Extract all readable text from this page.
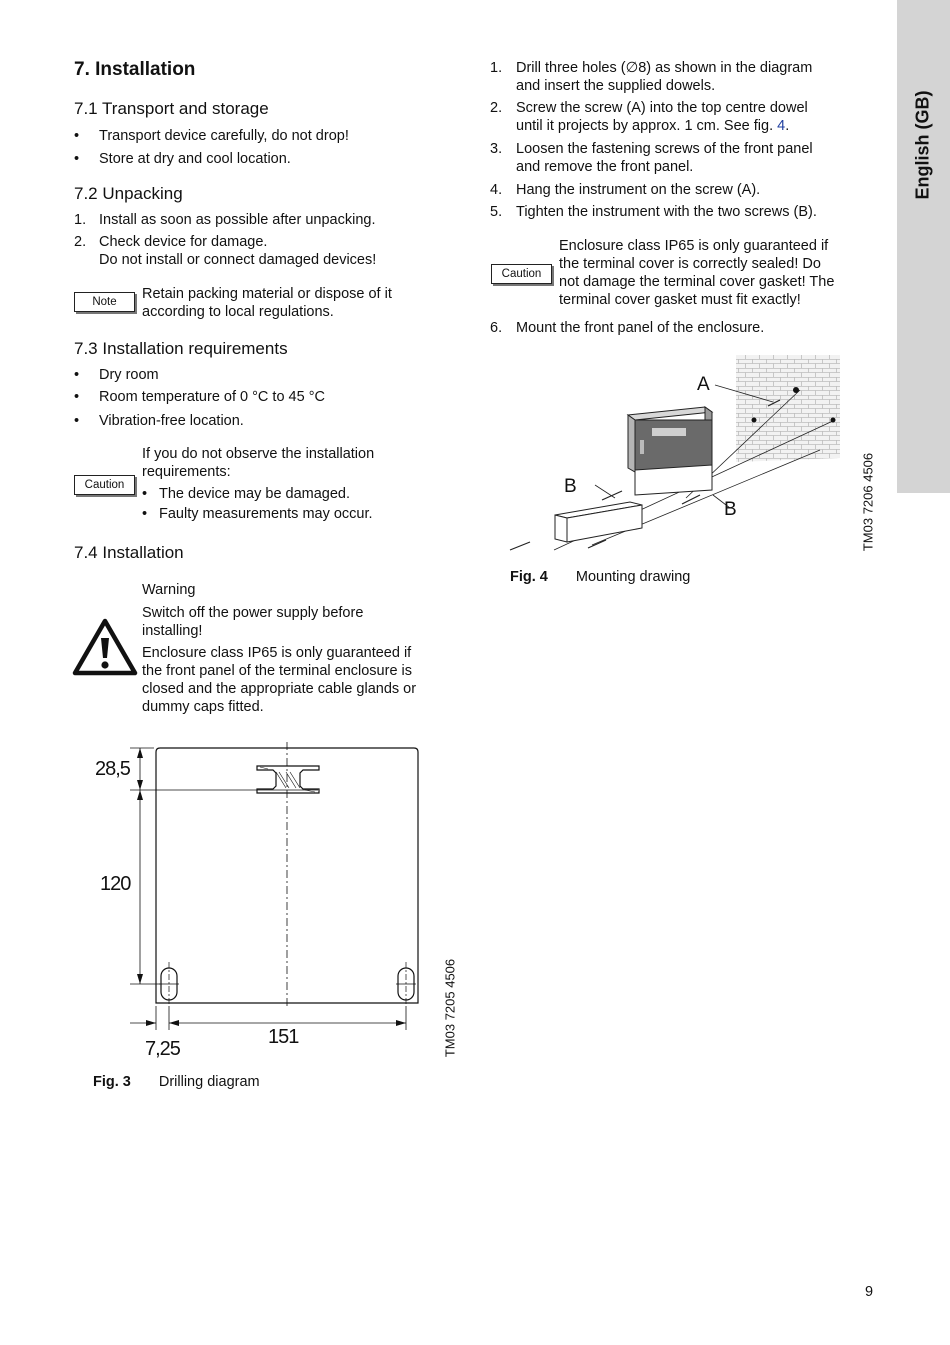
English (GB)
7. Installation
7.1 Transport and storage
• Transport device carefully, do not drop!
• Store at dry and cool location.
7.2 Unpacking
1. Install as soon as possible after unpacking.
2. Check device for damage.
Do not install or connect damaged devices!
Note	Retain packing material or dispose of it
according to local regulations.
7.3 Installation requirements
• Dry room
• Room temperature of 0 °C to 45 °C
• Vibration-free location.
Caution
If you do not observe the installation
requirements:
• The device may be damaged.
• Faulty measurements may occur.
7.4 Installation
Warning
Switch off the power supply before
installing!
Enclosure class IP65 is only guaranteed if
the front panel of the terminal enclosure is
closed and the appropriate cable glands or
dummy caps fitted.
28,5
120
7,25
151	TM03 7205 4506
Fig. 3 Drilling diagram
1. Drill three holes (∅8) as shown in the diagram
and insert the supplied dowels.
2. Screw the screw (A) into the top centre dowel
until it projects by approx. 1 cm. See fig. 4.
3. Loosen the fastening screws of the front panel
and remove the front panel.
4. Hang the instrument on the screw (A).
5. Tighten the instrument with the two screws (B).
Caution
Enclosure class IP65 is only guaranteed if
the terminal cover is correctly sealed! Do
not damage the terminal cover gasket! The
terminal cover gasket must fit exactly!
6. Mount the front panel of the enclosure.
A
B
B	TM03 7206 4506
Fig. 4 Mounting drawing
9
